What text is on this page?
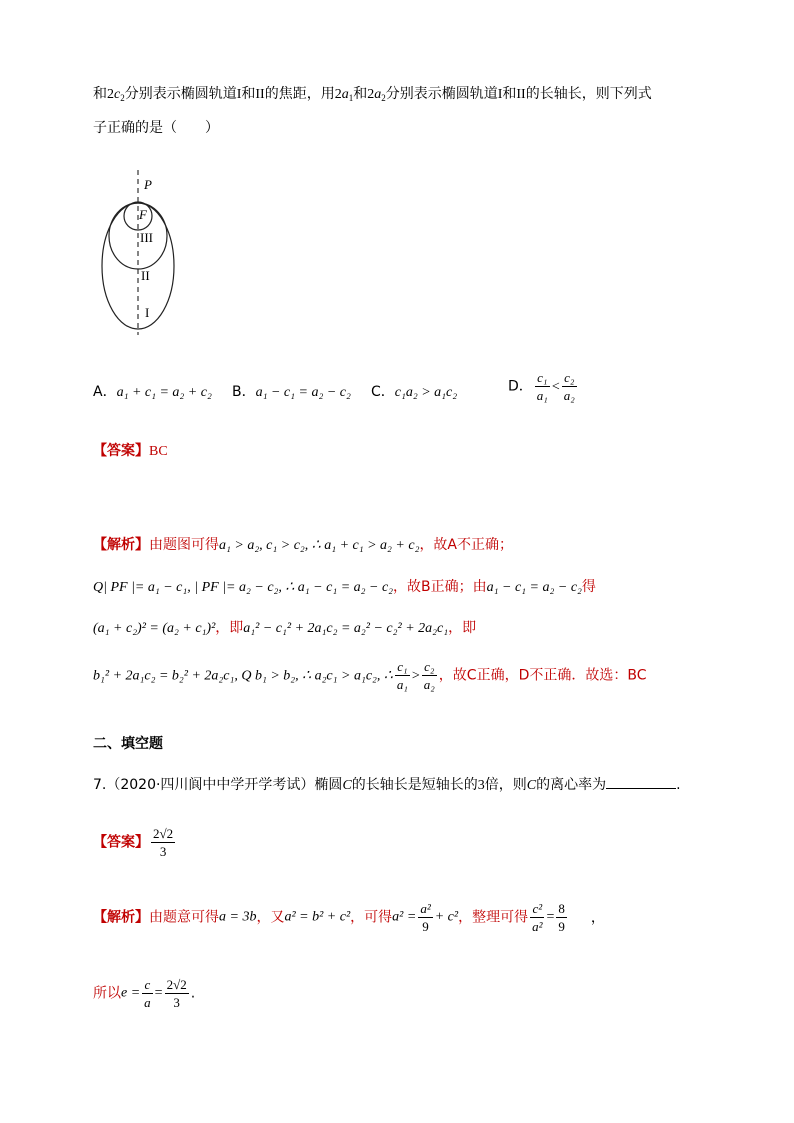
和$2c_2$分别表示椭圆轨道I和II的焦距，用$2a_1$和$2a_2$分别表示椭圆轨道I和II的长轴长，则下列式
子正确的是（　　）
P
F
III
II
I
A．a₁ + c₁ = a₂ + c₂ B．a₁ − c₁ = a₂ − c₂ C．c₁a₂ > a₁c₂	D． $\frac{\text{c₁}}{\text{a₁}} < \frac{\text{c₂}}{\text{a₂}}$
【答案】BC
【解析】由题图可得a₁ > a₂, c₁ > c₂, ∴ a₁ + c₁ > a₂ + c₂，故A不正确；
Q| PF |= a₁ − c₁, | PF |= a₂ − c₂, ∴ a₁ − c₁ = a₂ − c₂，故B正确；由a₁ − c₁ = a₂ − c₂得
(a₁ + c₂)² = (a₂ + c₁)²，即a₁² − c₁² + 2a₁c₂ = a₂² − c₂² + 2a₂c₁，即
b₁² + 2a₁c₂ = b₂² + 2a₂c₁, Q b₁ > b₂, ∴ a₂c₁ > a₁c₂, ∴ $\frac{\text{c₁}}{\text{a₁}} > \frac{\text{c₂}}{\text{a₂}}$ ，故C正确，D不正确．故选：BC
二、填空题
7.（2020·四川阆中中学开学考试）椭圆C的长轴长是短轴长的3倍，则C的离心率为	.
【答案】 $\frac{2√2}{3}$
【解析】由题意可得a = 3b，又a² = b² + c²，可得$a^2 = \frac{\text{a²}}{9} + c^2$，整理可得 $\frac{\text{c²}}{\text{a²}} = \frac{8}{9}$ ，
所以$e = \frac{c}{a} = \frac{2√2}{3}$ .
